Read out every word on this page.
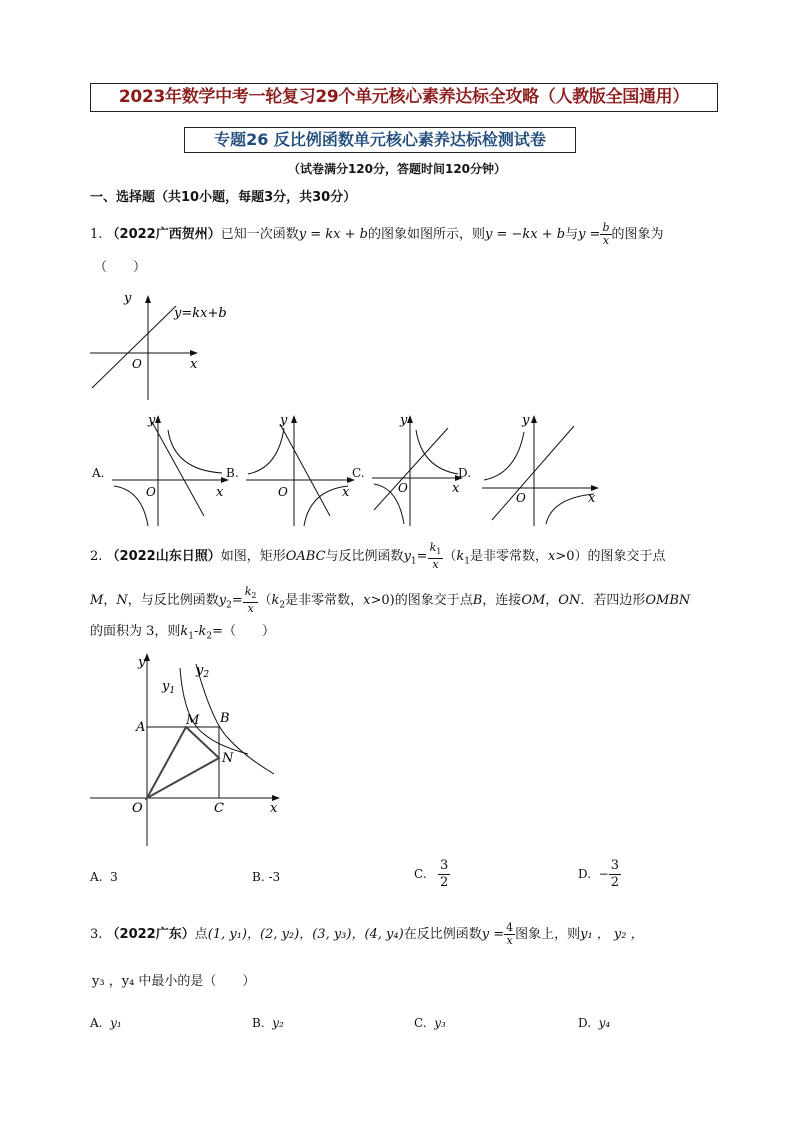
2023年数学中考一轮复习29个单元核心素养达标全攻略（人教版全国通用）
专题26 反比例函数单元核心素养达标检测试卷
（试卷满分120分，答题时间120分钟）
一、选择题（共10小题，每题3分，共30分）
1. （2022广西贺州）已知一次函数y = kx + b的图象如图所示，则y = −kx + b与$y = \frac{b}{x}$ 的图象为
（　　）
y
x
O
y=kx+b
A.
y
x
O
B.
y
x
O
C.
y
x
O
D.
y
x
O
2. （2022山东日照）如图，矩形OABC与反比例函数$y_1= \frac{k_1}{x} (k_1$是非零常数，x>0）的图象交于点
M，N，与反比例函数$y_2= \frac{k_2}{x} (k_2$是非零常数，x>0)的图象交于点B，连接OM，ON．若四边形OMBN
的面积为 3，则$k_1-k_2=$（　　）
A
B
C
M
N
O	x
y
$y_1$
$y_2$
A. 3	B. -3	C. $\frac{3}{2}$	D. − $\frac{3}{2}$
3. （2022广东）点(1, y₁)，(2, y₂)，(3, y₃)，(4, y₄)在反比例函数$y = \frac{4}{x}$ 图象上，则y₁ ， y₂ ，
y₃ ，y₄ 中最小的是（　　）
A. y₁	B. y₂	C. y₃	D. y₄
